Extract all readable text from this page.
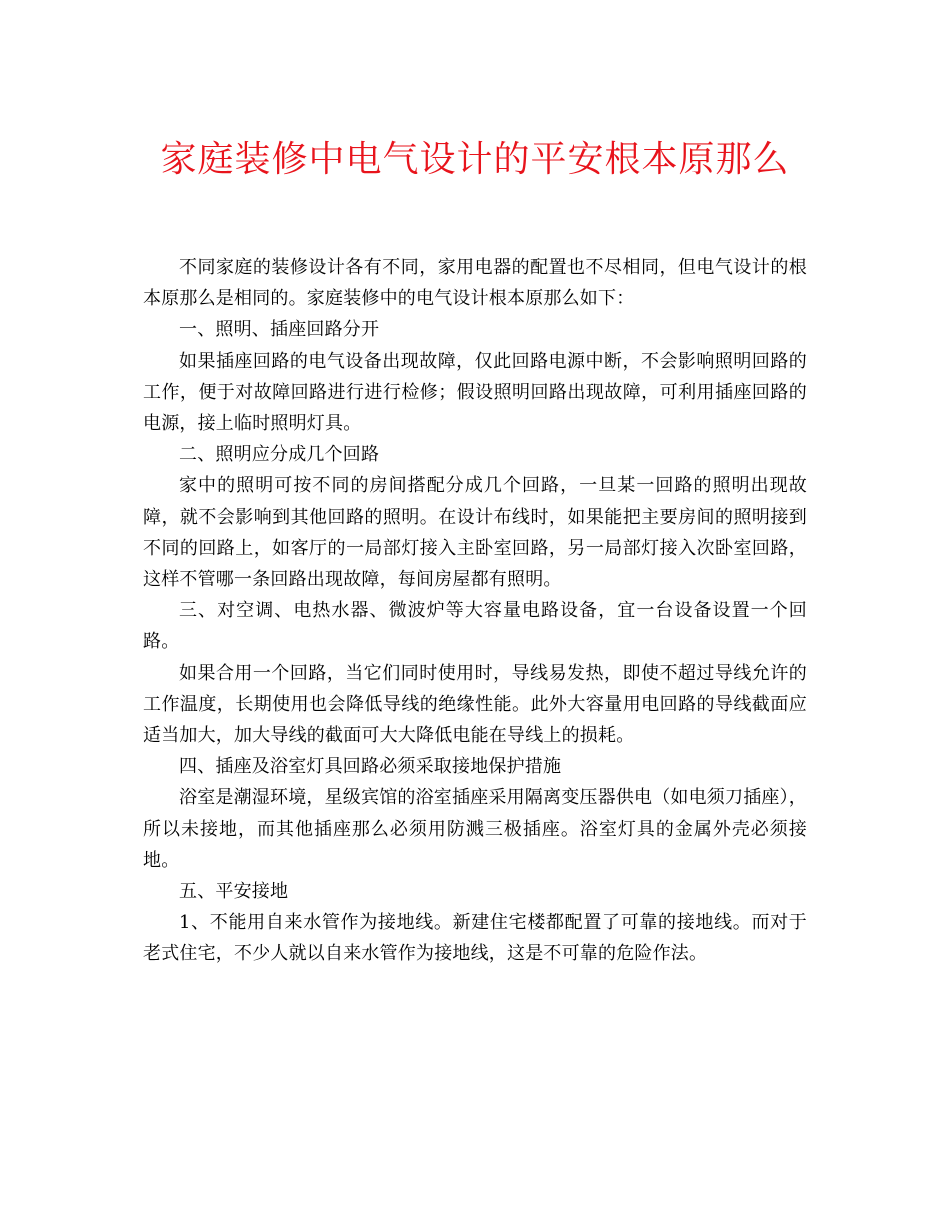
家庭装修中电气设计的平安根本原那么

不同家庭的装修设计各有不同，家用电器的配置也不尽相同，但电气设计的根本原那么是相同的。家庭装修中的电气设计根本原那么如下：

一、照明、插座回路分开

如果插座回路的电气设备出现故障，仅此回路电源中断，不会影响照明回路的工作，便于对故障回路进行进行检修；假设照明回路出现故障，可利用插座回路的电源，接上临时照明灯具。

二、照明应分成几个回路

家中的照明可按不同的房间搭配分成几个回路，一旦某一回路的照明出现故障，就不会影响到其他回路的照明。在设计布线时，如果能把主要房间的照明接到不同的回路上，如客厅的一局部灯接入主卧室回路，另一局部灯接入次卧室回路，这样不管哪一条回路出现故障，每间房屋都有照明。

三、对空调、电热水器、微波炉等大容量电路设备，宜一台设备设置一个回路。

如果合用一个回路，当它们同时使用时，导线易发热，即使不超过导线允许的工作温度，长期使用也会降低导线的绝缘性能。此外大容量用电回路的导线截面应适当加大，加大导线的截面可大大降低电能在导线上的损耗。

四、插座及浴室灯具回路必须采取接地保护措施

浴室是潮湿环境，星级宾馆的浴室插座采用隔离变压器供电（如电须刀插座），所以未接地，而其他插座那么必须用防溅三极插座。浴室灯具的金属外壳必须接地。

五、平安接地

1、不能用自来水管作为接地线。新建住宅楼都配置了可靠的接地线。而对于老式住宅，不少人就以自来水管作为接地线，这是不可靠的危险作法。
